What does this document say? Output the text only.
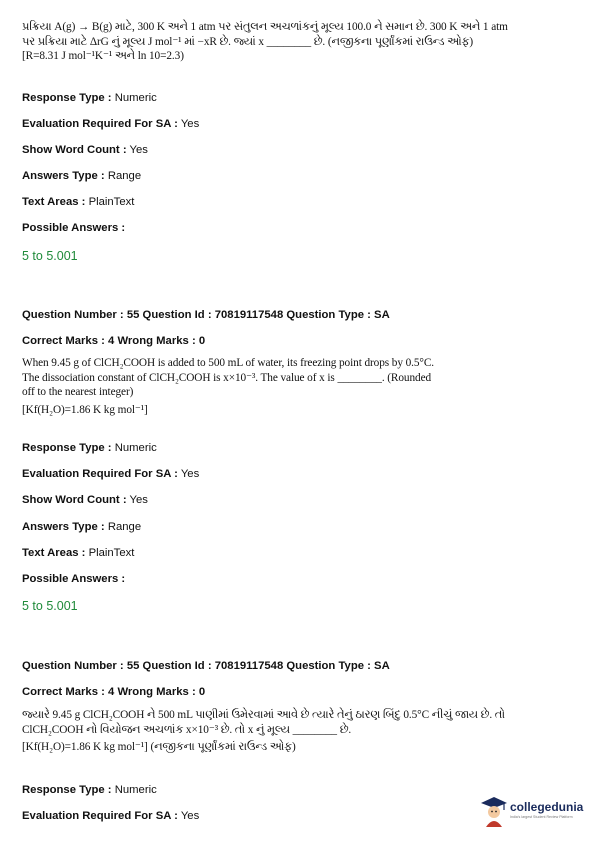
પ્રક્રિયા A(g) → B(g) માટે, 300 K અને 1 atm પર સંતુલન અચળાંકનું મૂલ્ય 100.0 ને સમાન છે. 300 K અને 1 atm
પર પ્રક્રિયા માટે ΔrG નું મૂલ્ય J mol⁻¹ માં −xR છે. જ્યાં x ________ છે. (નજીકના પૂર્ણાંકમાં રાઉન્ડ ઓફ)
[R=8.31 J mol⁻¹K⁻¹ અને ln 10=2.3)
Response Type : Numeric
Evaluation Required For SA : Yes
Show Word Count : Yes
Answers Type : Range
Text Areas : PlainText
Possible Answers :
5 to 5.001
Question Number : 55 Question Id : 70819117548 Question Type : SA
Correct Marks : 4 Wrong Marks : 0
When 9.45 g of ClCH₂COOH is added to 500 mL of water, its freezing point drops by 0.5°C.
The dissociation constant of ClCH₂COOH is x×10⁻³. The value of x is ________. (Rounded
off to the nearest integer)
[Kf(H₂O)=1.86 K kg mol⁻¹]
Response Type : Numeric
Evaluation Required For SA : Yes
Show Word Count : Yes
Answers Type : Range
Text Areas : PlainText
Possible Answers :
5 to 5.001
Question Number : 55 Question Id : 70819117548 Question Type : SA
Correct Marks : 4 Wrong Marks : 0
જ્યારે 9.45 g ClCH₂COOH ને 500 mL પાણીમાં ઉમેરવામાં આવે છે ત્યારે તેનું ઠારણ બિંદુ 0.5°C નીચું જાય છે. તો
ClCH₂COOH નો વિયોજન અચળાંક x×10⁻³ છે. તો x નું મૂલ્ય ________ છે.
[Kf(H₂O)=1.86 K kg mol⁻¹] (નજીકના પૂર્ણાંકમાં રાઉન્ડ ઓફ)
Response Type : Numeric
Evaluation Required For SA : Yes
collegedunia
India's largest Student Review Platform
